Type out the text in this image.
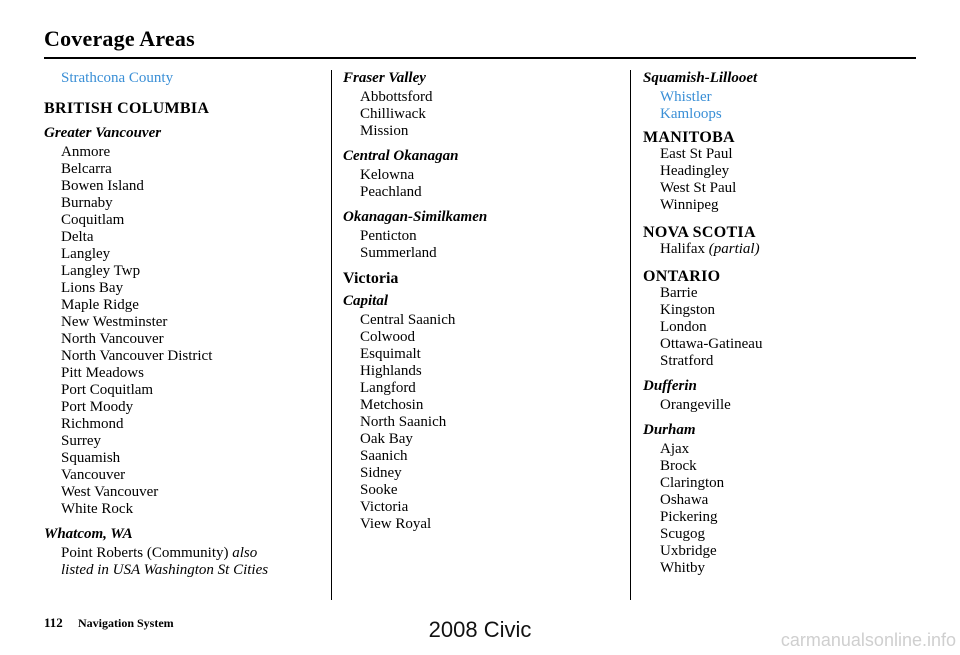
Coverage Areas
Strathcona County
BRITISH COLUMBIA
Greater Vancouver
Anmore
Belcarra
Bowen Island
Burnaby
Coquitlam
Delta
Langley
Langley Twp
Lions Bay
Maple Ridge
New Westminster
North Vancouver
North Vancouver District
Pitt Meadows
Port Coquitlam
Port Moody
Richmond
Surrey
Squamish
Vancouver
West Vancouver
White Rock
Whatcom, WA
Point Roberts (Community) also
listed in USA Washington St Cities
Fraser Valley
Abbottsford
Chilliwack
Mission
Central Okanagan
Kelowna
Peachland
Okanagan-Similkamen
Penticton
Summerland
Victoria
Capital
Central Saanich
Colwood
Esquimalt
Highlands
Langford
Metchosin
North Saanich
Oak Bay
Saanich
Sidney
Sooke
Victoria
View Royal
Squamish-Lillooet
Whistler
Kamloops
MANITOBA
East St Paul
Headingley
West St Paul
Winnipeg
NOVA SCOTIA
Halifax (partial)
ONTARIO
Barrie
Kingston
London
Ottawa-Gatineau
Stratford
Dufferin
Orangeville
Durham
Ajax
Brock
Clarington
Oshawa
Pickering
Scugog
Uxbridge
Whitby
112 Navigation System	2008 Civic	carmanualsonline.info
